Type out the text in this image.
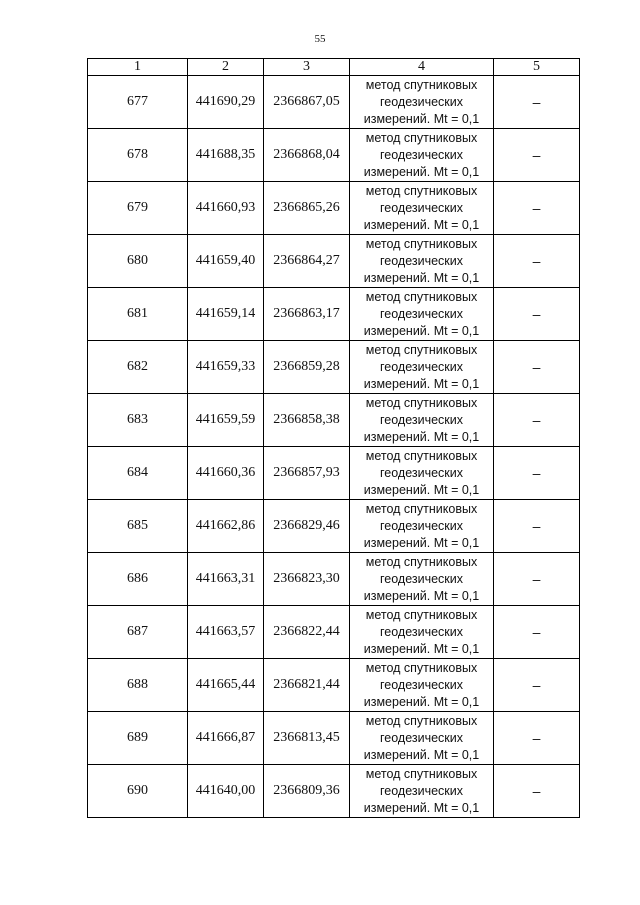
55
1	2	3	4	5
677	441690,29	2366867,05	метод спутниковых
геодезических
измерений. Mt = 0,1	–
678	441688,35	2366868,04	метод спутниковых
геодезических
измерений. Mt = 0,1	–
679	441660,93	2366865,26	метод спутниковых
геодезических
измерений. Mt = 0,1	–
680	441659,40	2366864,27	метод спутниковых
геодезических
измерений. Mt = 0,1	–
681	441659,14	2366863,17	метод спутниковых
геодезических
измерений. Mt = 0,1	–
682	441659,33	2366859,28	метод спутниковых
геодезических
измерений. Mt = 0,1	–
683	441659,59	2366858,38	метод спутниковых
геодезических
измерений. Mt = 0,1	–
684	441660,36	2366857,93	метод спутниковых
геодезических
измерений. Mt = 0,1	–
685	441662,86	2366829,46	метод спутниковых
геодезических
измерений. Mt = 0,1	–
686	441663,31	2366823,30	метод спутниковых
геодезических
измерений. Mt = 0,1	–
687	441663,57	2366822,44	метод спутниковых
геодезических
измерений. Mt = 0,1	–
688	441665,44	2366821,44	метод спутниковых
геодезических
измерений. Mt = 0,1	–
689	441666,87	2366813,45	метод спутниковых
геодезических
измерений. Mt = 0,1	–
690	441640,00	2366809,36	метод спутниковых
геодезических
измерений. Mt = 0,1	–
